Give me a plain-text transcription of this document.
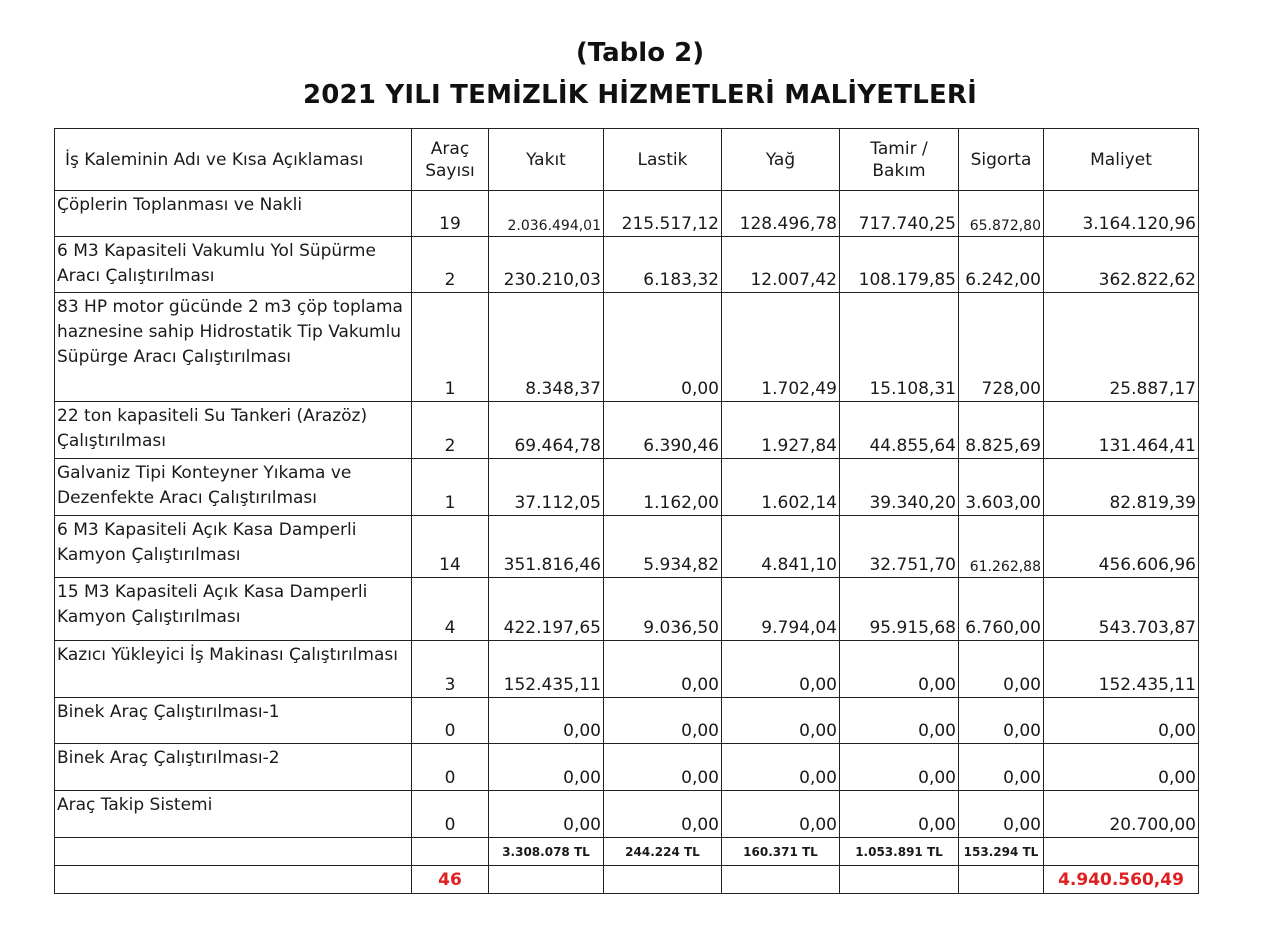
(Tablo 2)
2021 YILI TEMİZLİK HİZMETLERİ MALİYETLERİ
İş Kaleminin Adı ve Kısa Açıklaması	Araç Sayısı	Yakıt	Lastik	Yağ	Tamir / Bakım	Sigorta	Maliyet
Çöplerin Toplanması ve Nakli	19	2.036.494,01	215.517,12	128.496,78	717.740,25	65.872,80	3.164.120,96
6 M3 Kapasiteli Vakumlu Yol Süpürme Aracı Çalıştırılması	2	230.210,03	6.183,32	12.007,42	108.179,85	6.242,00	362.822,62
83 HP motor gücünde 2 m3 çöp toplama haznesine sahip Hidrostatik Tip Vakumlu Süpürge Aracı Çalıştırılması	1	8.348,37	0,00	1.702,49	15.108,31	728,00	25.887,17
22 ton kapasiteli Su Tankeri (Arazöz) Çalıştırılması	2	69.464,78	6.390,46	1.927,84	44.855,64	8.825,69	131.464,41
Galvaniz Tipi Konteyner Yıkama ve Dezenfekte Aracı Çalıştırılması	1	37.112,05	1.162,00	1.602,14	39.340,20	3.603,00	82.819,39
6 M3 Kapasiteli Açık Kasa Damperli Kamyon Çalıştırılması	14	351.816,46	5.934,82	4.841,10	32.751,70	61.262,88	456.606,96
15 M3 Kapasiteli Açık Kasa Damperli Kamyon Çalıştırılması	4	422.197,65	9.036,50	9.794,04	95.915,68	6.760,00	543.703,87
Kazıcı Yükleyici İş Makinası Çalıştırılması	3	152.435,11	0,00	0,00	0,00	0,00	152.435,11
Binek Araç Çalıştırılması-1	0	0,00	0,00	0,00	0,00	0,00	0,00
Binek Araç Çalıştırılması-2	0	0,00	0,00	0,00	0,00	0,00	0,00
Araç Takip Sistemi	0	0,00	0,00	0,00	0,00	0,00	20.700,00
		3.308.078 TL	244.224 TL	160.371 TL	1.053.891 TL	153.294 TL	
	46						4.940.560,49
